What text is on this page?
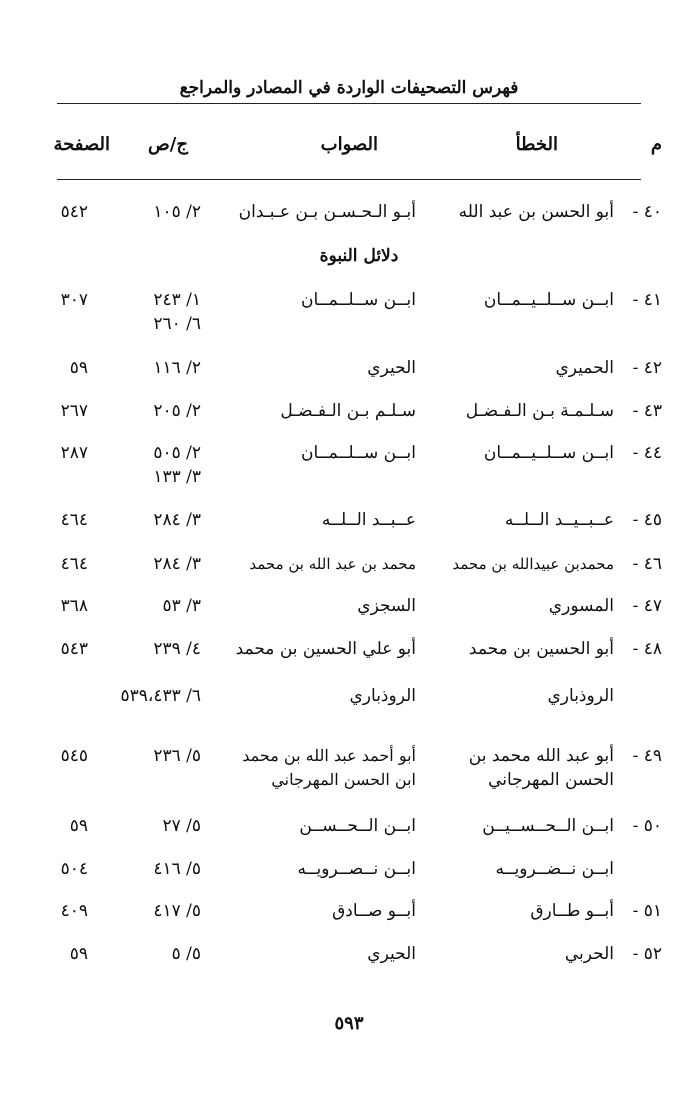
فهرس التصحيفات الواردة في المصادر والمراجع
م
الخطأ
الصواب
ج/ص
الصفحة
دلائل النبوة
٤٠ -
أبو الحسن بن عبد الله
أبـو الـحـسـن بـن عـبـدان
٢/ ١٠٥
٥٤٢
٤١ -
ابــن ســلــيــمــان
ابــن ســلــمــان
١/ ٢٤٣
٦/ ٢٦٠
٣٠٧
٤٢ -
الحميري
الحيري
٢/ ١١٦
٥٩
٤٣ -
سـلـمـة بـن الـفـضـل
سـلـم بـن الـفـضـل
٢/ ٢٠٥
٢٦٧
٤٤ -
ابــن ســلــيــمــان
ابــن ســلــمــان
٢/ ٥٠٥
٣/ ١٣٣
٢٨٧
٤٥ -
عــبــيــد الــلــه
عــبــد الــلــه
٣/ ٢٨٤
٤٦٤
٤٦ -
محمدبن عبيدالله بن محمد
محمد بن عبد الله بن محمد
٣/ ٢٨٤
٤٦٤
٤٧ -
المسوري
السجزي
٣/ ٥٣
٣٦٨
٤٨ -
أبو الحسين بن محمد
أبو علي الحسين بن محمد
٤/ ٢٣٩
٥٤٣
الروذباري
الروذباري
٦/ ٥٣٩،٤٣٣
٤٩ -
أبو عبد الله محمد بن
الحسن المهرجاني
أبو أحمد عبد الله بن محمد
ابن الحسن المهرجاني
٥/ ٢٣٦
٥٤٥
٥٠ -
ابــن الــحــســيــن
ابــن الــحــســن
٥/ ٢٧
٥٩
ابــن نــضــرويــه
ابــن نــصــرويــه
٥/ ٤١٦
٥٠٤
٥١ -
أبــو طــارق
أبــو صــادق
٥/ ٤١٧
٤٠٩
٥٢ -
الحربي
الحيري
٥/ ٥
٥٩
٥٩٣
